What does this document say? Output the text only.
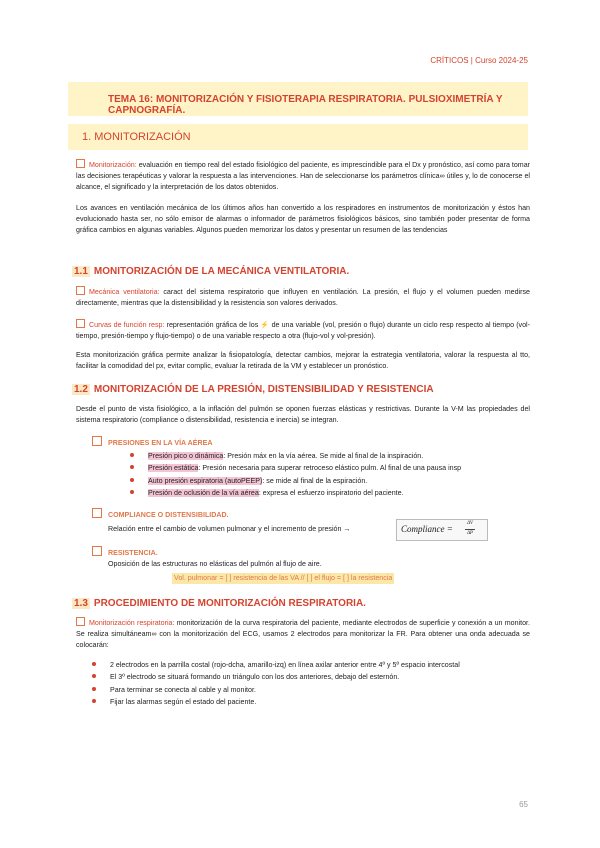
CRÍTICOS | Curso 2024-25
TEMA 16: MONITORIZACIÓN Y FISIOTERAPIA RESPIRATORIA. PULSIOXIMETRÍA Y CAPNOGRAFÍA.
1. MONITORIZACIÓN
Monitorización: evaluación en tiempo real del estado fisiológico del paciente, es imprescindible para el Dx y pronóstico, así como para tomar las decisiones terapéuticas y valorar la respuesta a las intervenciones. Han de seleccionarse los parámetros clínica∞ útiles y, lo de conocerse el alcance, el significado y la interpretación de los datos obtenidos.
Los avances en ventilación mecánica de los últimos años han convertido a los respiradores en instrumentos de monitorización y éstos han evolucionado hasta ser, no sólo emisor de alarmas o informador de parámetros fisiológicos básicos, sino también poder presentar de forma gráfica cambios en algunas variables. Algunos pueden memorizar los datos y presentar un resumen de las tendencias
1.1 MONITORIZACIÓN DE LA MECÁNICA VENTILATORIA.
Mecánica ventilatoria: caract del sistema respiratorio que influyen en ventilación. La presión, el flujo y el volumen pueden medirse directamente, mientras que la distensibilidad y la resistencia son valores derivados.
Curvas de función resp: representación gráfica de los ⚡ de una variable (vol, presión o flujo) durante un ciclo resp respecto al tiempo (vol-tiempo, presión-tiempo y flujo-tiempo) o de una variable respecto a otra (flujo-vol y vol-presión).
Esta monitorización gráfica permite analizar la fisiopatología, detectar cambios, mejorar la estrategia ventilatoria, valorar la respuesta al tto, facilitar la comodidad del px, evitar complic, evaluar la retirada de la VM y establecer un pronóstico.
1.2 MONITORIZACIÓN DE LA PRESIÓN, DISTENSIBILIDAD Y RESISTENCIA
Desde el punto de vista fisiológico, a la inflación del pulmón se oponen fuerzas elásticas y restrictivas. Durante la V-M las propiedades del sistema respiratorio (compliance o distensibilidad, resistencia e inercia) se integran.
PRESIONES EN LA VÍA AÉREA
Presión pico o dinámica: Presión máx en la vía aérea. Se mide al final de la inspiración.
Presión estática: Presión necesaria para superar retroceso elástico pulm. Al final de una pausa insp
Auto presión espiratoria (autoPEEP): se mide al final de la espiración.
Presión de oclusión de la vía aérea: expresa el esfuerzo inspiratorio del paciente.
COMPLIANCE O DISTENSIBILIDAD.
Relación entre el cambio de volumen pulmonar y el incremento de presión →	Compliance =
ΔV
ΔP
RESISTENCIA.
Oposición de las estructuras no elásticas del pulmón al flujo de aire.
Vol. pulmonar = [ ] resistencia de las VA // [ ] el flujo = [ ] la resistencia
1.3 PROCEDIMIENTO DE MONITORIZACIÓN RESPIRATORIA.
Monitorización respiratoria: monitorización de la curva respiratoria del paciente, mediante electrodos de superficie y conexión a un monitor. Se realiza simultáneam∞ con la monitorización del ECG, usamos 2 electrodos para monitorizar la FR. Para obtener una onda adecuada se colocarán:
2 electrodos en la parrilla costal (rojo-dcha, amarillo-izq) en línea axilar anterior entre 4º y 5º espacio intercostal
El 3º electrodo se situará formando un triángulo con los dos anteriores, debajo del esternón.
Para terminar se conecta al cable y al monitor.
Fijar las alarmas según el estado del paciente.
65
